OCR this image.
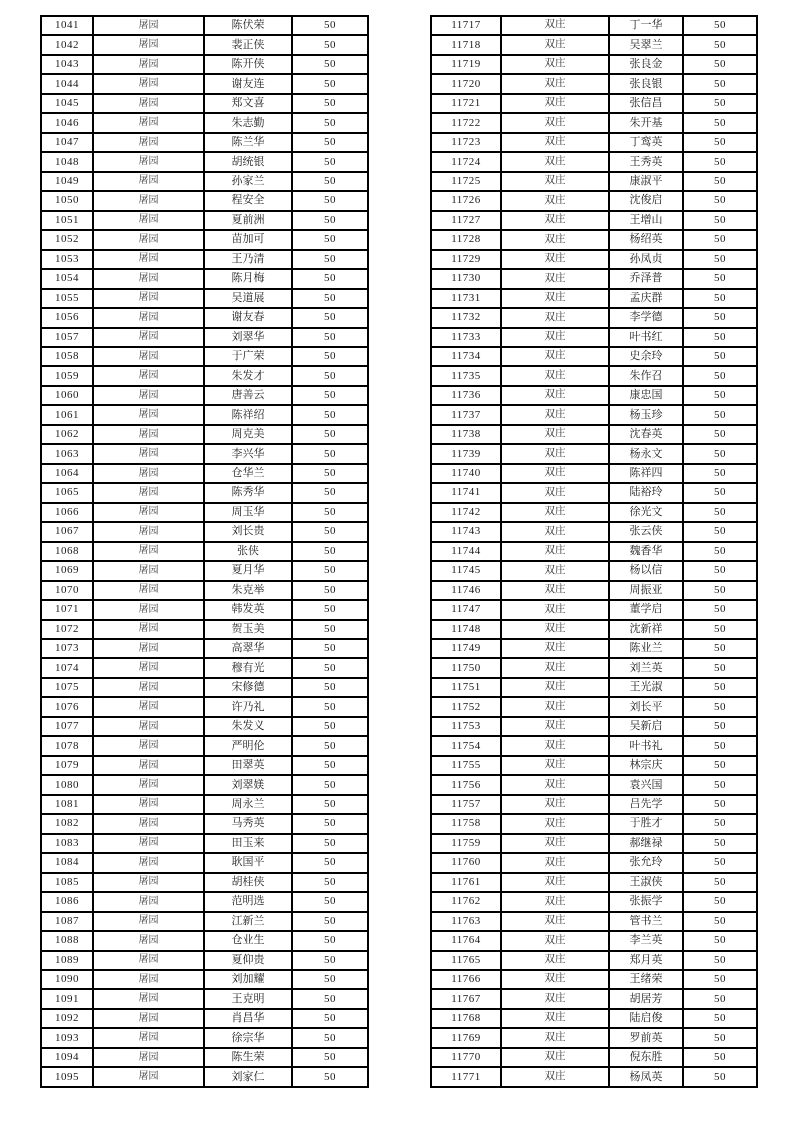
1041	屠园	陈伏荣	50
1042	屠园	裴正侠	50
1043	屠园	陈开侠	50
1044	屠园	谢友连	50
1045	屠园	郑文喜	50
1046	屠园	朱志勤	50
1047	屠园	陈兰华	50
1048	屠园	胡统银	50
1049	屠园	孙家兰	50
1050	屠园	程安全	50
1051	屠园	夏前洲	50
1052	屠园	苗加可	50
1053	屠园	王乃清	50
1054	屠园	陈月梅	50
1055	屠园	吴道展	50
1056	屠园	谢友春	50
1057	屠园	刘翠华	50
1058	屠园	于广荣	50
1059	屠园	朱发才	50
1060	屠园	唐善云	50
1061	屠园	陈祥绍	50
1062	屠园	周克美	50
1063	屠园	李兴华	50
1064	屠园	仓华兰	50
1065	屠园	陈秀华	50
1066	屠园	周玉华	50
1067	屠园	刘长贵	50
1068	屠园	张侠	50
1069	屠园	夏月华	50
1070	屠园	朱克举	50
1071	屠园	韩发英	50
1072	屠园	贺玉美	50
1073	屠园	高翠华	50
1074	屠园	穆有光	50
1075	屠园	宋修德	50
1076	屠园	许乃礼	50
1077	屠园	朱发义	50
1078	屠园	严明伦	50
1079	屠园	田翠英	50
1080	屠园	刘翠媄	50
1081	屠园	周永兰	50
1082	屠园	马秀英	50
1083	屠园	田玉来	50
1084	屠园	耿国平	50
1085	屠园	胡桂侠	50
1086	屠园	范明选	50
1087	屠园	江新兰	50
1088	屠园	仓业生	50
1089	屠园	夏仰贵	50
1090	屠园	刘加耀	50
1091	屠园	王克明	50
1092	屠园	肖昌华	50
1093	屠园	徐宗华	50
1094	屠园	陈生荣	50
1095	屠园	刘家仁	50
11717	双庄	丁一华	50
11718	双庄	吴翠兰	50
11719	双庄	张良金	50
11720	双庄	张良银	50
11721	双庄	张信昌	50
11722	双庄	朱开基	50
11723	双庄	丁鸾英	50
11724	双庄	王秀英	50
11725	双庄	康淑平	50
11726	双庄	沈俊启	50
11727	双庄	王增山	50
11728	双庄	杨绍英	50
11729	双庄	孙凤贞	50
11730	双庄	乔泽普	50
11731	双庄	孟庆群	50
11732	双庄	李学德	50
11733	双庄	叶书红	50
11734	双庄	史余玲	50
11735	双庄	朱作召	50
11736	双庄	康忠国	50
11737	双庄	杨玉珍	50
11738	双庄	沈春英	50
11739	双庄	杨永文	50
11740	双庄	陈祥四	50
11741	双庄	陆裕玲	50
11742	双庄	徐光文	50
11743	双庄	张云侠	50
11744	双庄	魏香华	50
11745	双庄	杨以信	50
11746	双庄	周振亚	50
11747	双庄	董学启	50
11748	双庄	沈新祥	50
11749	双庄	陈业兰	50
11750	双庄	刘兰英	50
11751	双庄	王光淑	50
11752	双庄	刘长平	50
11753	双庄	吴新启	50
11754	双庄	叶书礼	50
11755	双庄	林宗庆	50
11756	双庄	袁兴国	50
11757	双庄	吕先学	50
11758	双庄	于胜才	50
11759	双庄	郝继禄	50
11760	双庄	张允玲	50
11761	双庄	王淑侠	50
11762	双庄	张振学	50
11763	双庄	管书兰	50
11764	双庄	李兰英	50
11765	双庄	郑月英	50
11766	双庄	王绪荣	50
11767	双庄	胡居芳	50
11768	双庄	陆启俊	50
11769	双庄	罗前英	50
11770	双庄	倪东胜	50
11771	双庄	杨凤英	50
